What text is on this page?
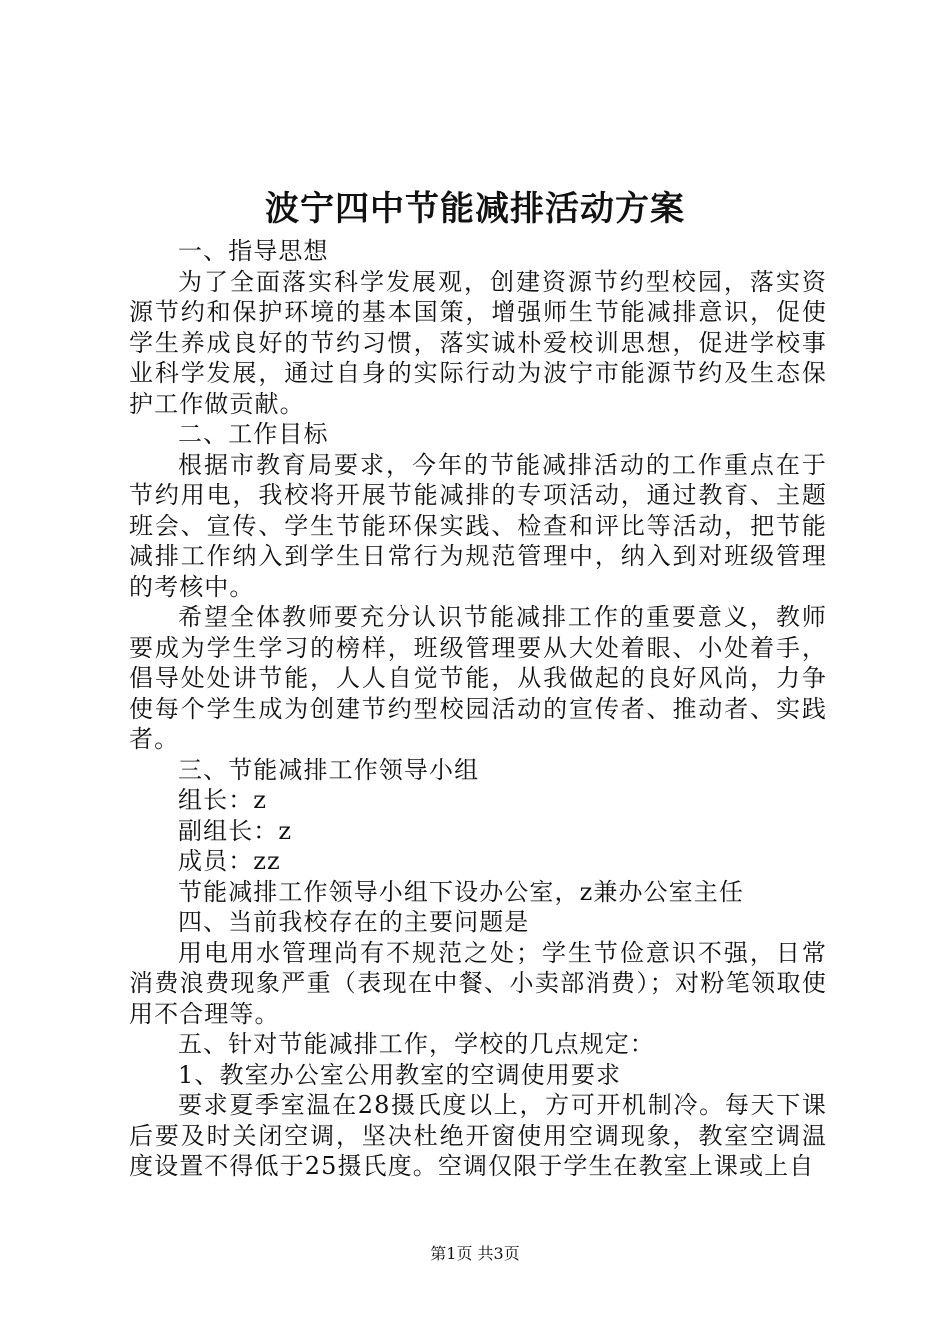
波宁四中节能减排活动方案

一、指导思想

为了全面落实科学发展观，创建资源节约型校园，落实资源节约和保护环境的基本国策，增强师生节能减排意识，促使学生养成良好的节约习惯，落实诚朴爱校训思想，促进学校事业科学发展，通过自身的实际行动为波宁市能源节约及生态保护工作做贡献。

二、工作目标

根据市教育局要求，今年的节能减排活动的工作重点在于节约用电，我校将开展节能减排的专项活动，通过教育、主题班会、宣传、学生节能环保实践、检查和评比等活动，把节能减排工作纳入到学生日常行为规范管理中，纳入到对班级管理的考核中。

希望全体教师要充分认识节能减排工作的重要意义，教师要成为学生学习的榜样，班级管理要从大处着眼、小处着手，倡导处处讲节能，人人自觉节能，从我做起的良好风尚，力争使每个学生成为创建节约型校园活动的宣传者、推动者、实践者。

三、节能减排工作领导小组

组长：z

副组长：z

成员：zz

节能减排工作领导小组下设办公室，z兼办公室主任

四、当前我校存在的主要问题是

用电用水管理尚有不规范之处；学生节俭意识不强，日常消费浪费现象严重（表现在中餐、小卖部消费）；对粉笔领取使用不合理等。

五、针对节能减排工作，学校的几点规定：

1、教室办公室公用教室的空调使用要求

要求夏季室温在28摄氏度以上，方可开机制冷。每天下课后要及时关闭空调，坚决杜绝开窗使用空调现象，教室空调温度设置不得低于25摄氏度。空调仅限于学生在教室上课或上自

第1页 共3页
